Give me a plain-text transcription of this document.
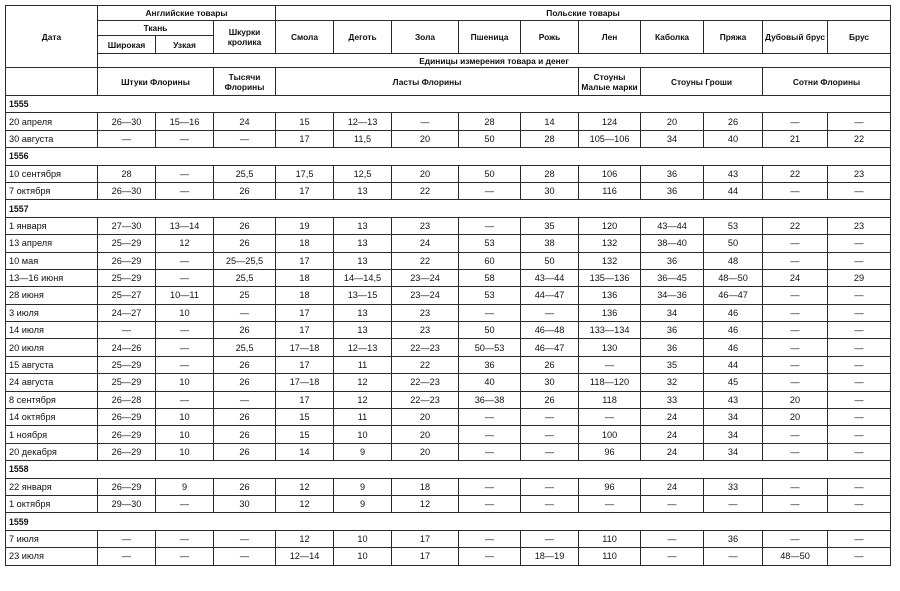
Дата	Английские товары			Польские товары									
	Ткань		Шкурки кролика	Смола	Деготь	Зола	Пшеница	Рожь	Лен	Каболка	Пряжа	Дубовый брус	Брус
	Широкая	Узкая											
	Единицы измерения товара и денег												
	Штуки Флорины		Тысячи Флорины	Ласты Флорины					Стоуны Малые марки	Стоуны Гроши		Сотни Флорины	
1555													
20 апреля	26—30	15—16	24	15	12—13	—	28	14	124	20	26	—	—
30 августа	—	—	—	17	11,5	20	50	28	105—106	34	40	21	22
1556													
10 сентября	28	—	25,5	17,5	12,5	20	50	28	106	36	43	22	23
7 октября	26—30	—	26	17	13	22	—	30	116	36	44	—	—
1557													
1 января	27—30	13—14	26	19	13	23	—	35	120	43—44	53	22	23
13 апреля	25—29	12	26	18	13	24	53	38	132	38—40	50	—	—
10 мая	26—29	—	25—25,5	17	13	22	60	50	132	36	48	—	—
13—16 июня	25—29	—	25,5	18	14—14,5	23—24	58	43—44	135—136	36—45	48—50	24	29
28 июня	25—27	10—11	25	18	13—15	23—24	53	44—47	136	34—36	46—47	—	—
3 июля	24—27	10	—	17	13	23	—	—	136	34	46	—	—
14 июля	—	—	26	17	13	23	50	46—48	133—134	36	46	—	—
20 июля	24—26	—	25,5	17—18	12—13	22—23	50—53	46—47	130	36	46	—	—
15 августа	25—29	—	26	17	11	22	36	26	—	35	44	—	—
24 августа	25—29	10	26	17—18	12	22—23	40	30	118—120	32	45	—	—
8 сентября	26—28	—	—	17	12	22—23	36—38	26	118	33	43	20	—
14 октября	26—29	10	26	15	11	20	—	—	—	24	34	20	—
1 ноября	26—29	10	26	15	10	20	—	—	100	24	34	—	—
20 декабря	26—29	10	26	14	9	20	—	—	96	24	34	—	—
1558													
22 января	26—29	9	26	12	9	18	—	—	96	24	33	—	—
1 октября	29—30	—	30	12	9	12	—	—	—	—	—	—	—
1559													
7 июля	—	—	—	12	10	17	—	—	110	—	36	—	—
23 июля	—	—	—	12—14	10	17	—	18—19	110	—	—	48—50	—
